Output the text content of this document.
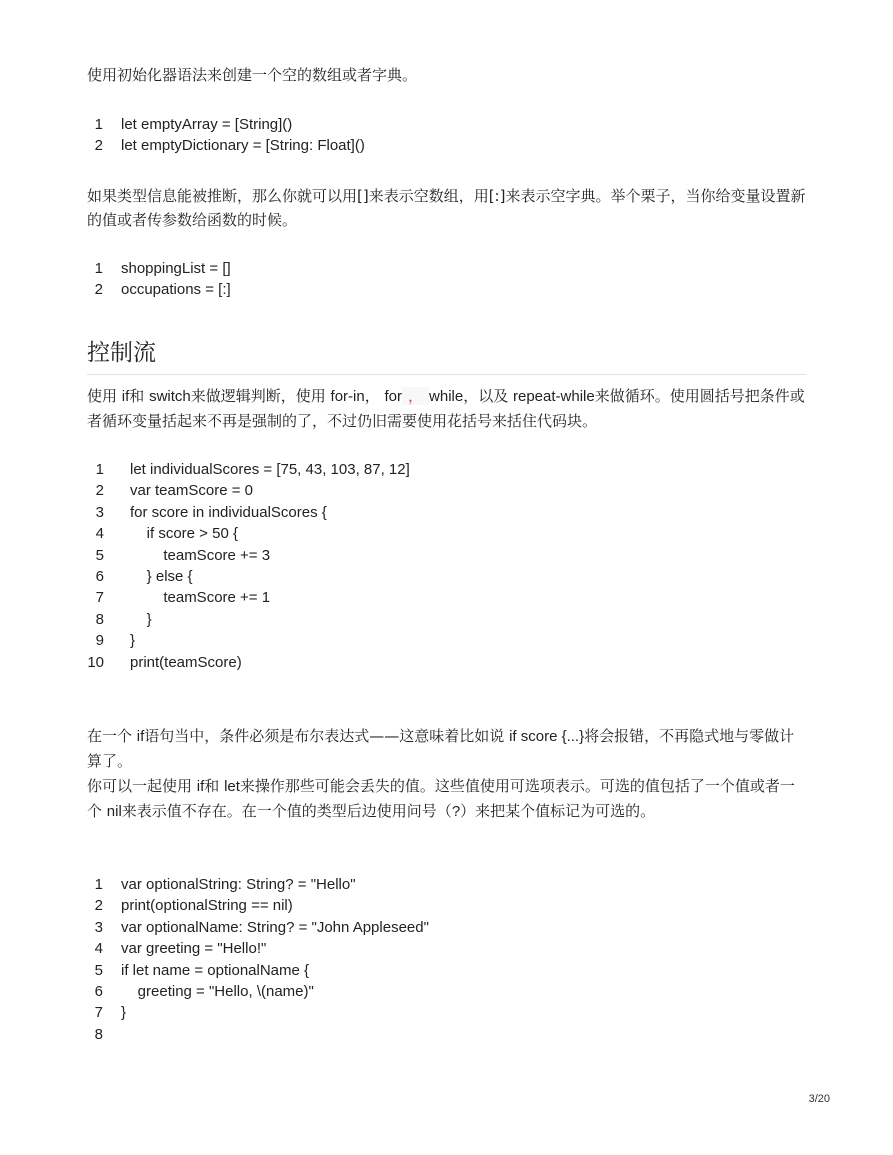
使用初始化器语法来创建一个空的数组或者字典。

1 let emptyArray = [String]()
2 let emptyDictionary = [String: Float]()

如果类型信息能被推断，那么你就可以用[]来表示空数组，用[:]来表示空字典。举个栗子，当你给变量设置新的值或者传参数给函数的时候。

1 shoppingList = []
2 occupations = [:]
控制流

使用 if和 switch来做逻辑判断，使用 for-in， for ， while，以及 repeat-while来做循环。使用圆括号把条件或者循环变量括起来不再是强制的了，不过仍旧需要使用花括号来括住代码块。

1 let individualScores = [75, 43, 103, 87, 12]
2 var teamScore = 0
3 for score in individualScores {
4 if score > 50 {
5 teamScore += 3
6 } else {
7 teamScore += 1
8 }
9 }
10 print(teamScore)

在一个 if语句当中，条件必须是布尔表达式——这意味着比如说 if score {...}将会报错，不再隐式地与零做计算了。

你可以一起使用 if和 let来操作那些可能会丢失的值。这些值使用可选项表示。可选的值包括了一个值或者一个 nil来表示值不存在。在一个值的类型后边使用问号（?）来把某个值标记为可选的。

1 var optionalString: String? = "Hello"
2 print(optionalString == nil)
3 var optionalName: String? = "John Appleseed"
4 var greeting = "Hello!"
5 if let name = optionalName {
6 greeting = "Hello, \(name)"
7 }
8
3/20
